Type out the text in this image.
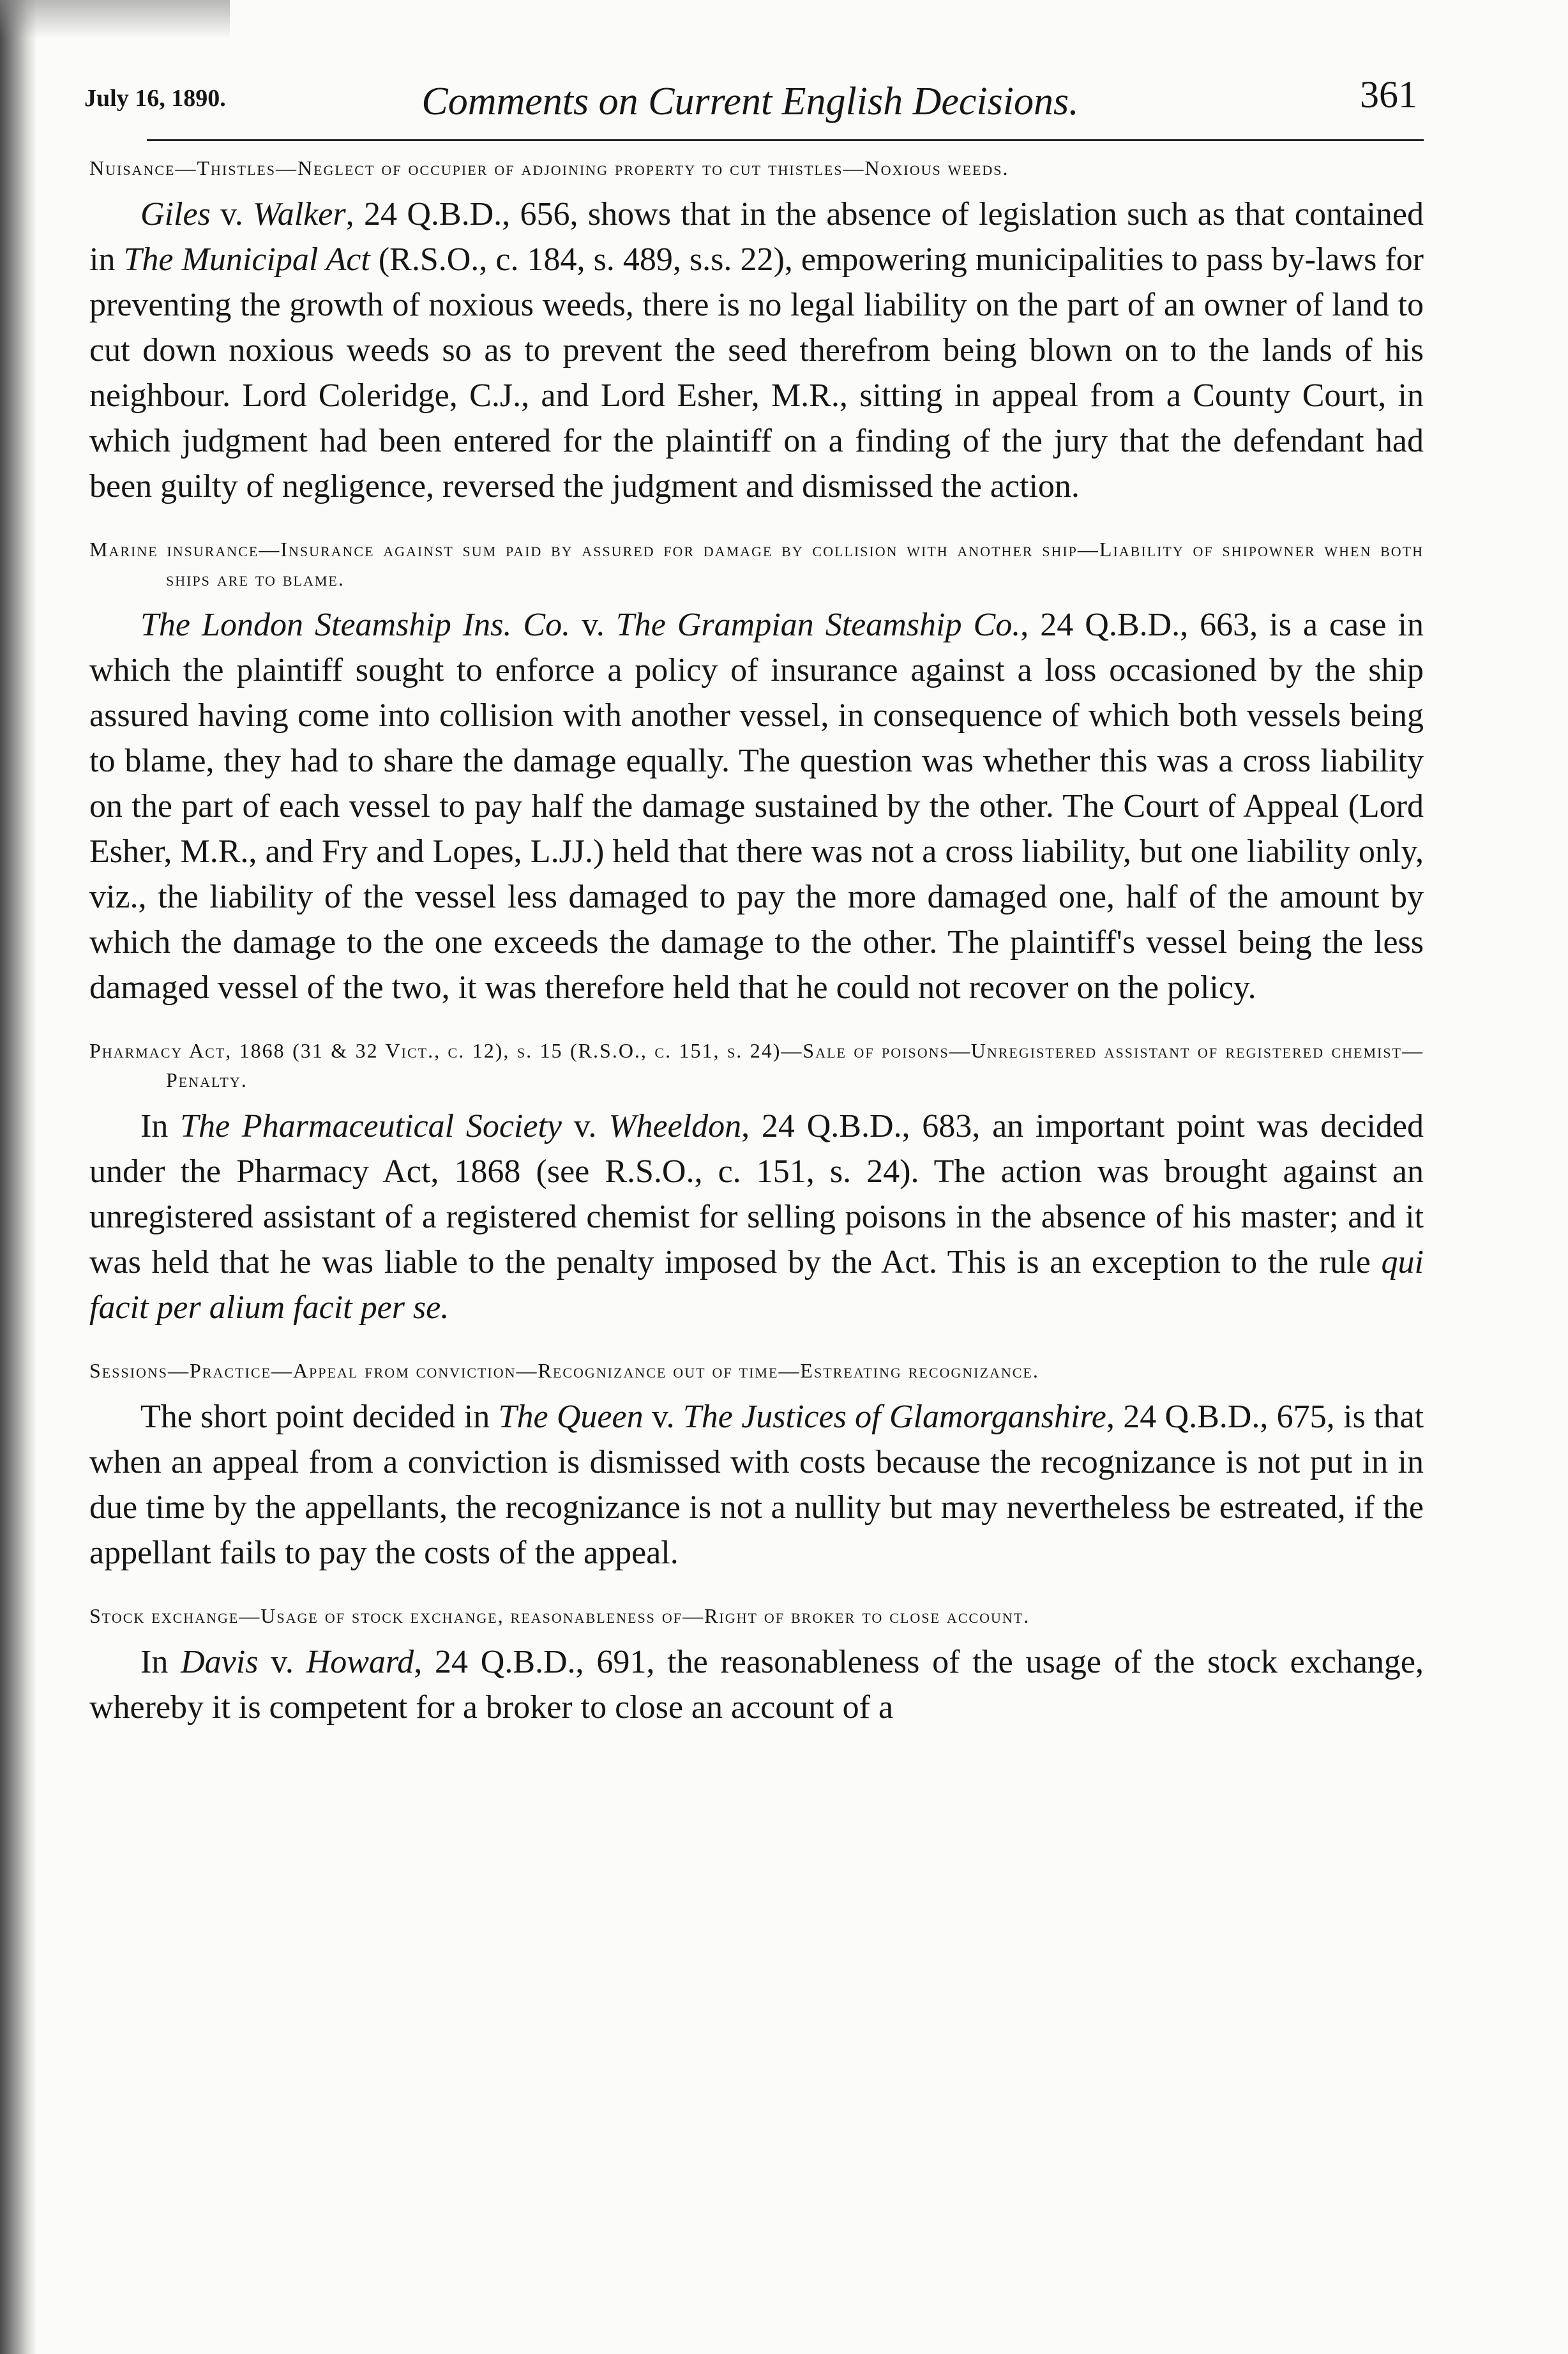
July 16, 1890.	Comments on Current English Decisions.	361

Nuisance—Thistles—Neglect of occupier of adjoining property to cut thistles—Noxious weeds.

Giles v. Walker, 24 Q.B.D., 656, shows that in the absence of legislation such as that contained in The Municipal Act (R.S.O., c. 184, s. 489, s.s. 22), empowering municipalities to pass by-laws for preventing the growth of noxious weeds, there is no legal liability on the part of an owner of land to cut down noxious weeds so as to prevent the seed therefrom being blown on to the lands of his neighbour. Lord Coleridge, C.J., and Lord Esher, M.R., sitting in appeal from a County Court, in which judgment had been entered for the plaintiff on a finding of the jury that the defendant had been guilty of negligence, reversed the judgment and dismissed the action.

Marine insurance—Insurance against sum paid by assured for damage by collision with another ship—Liability of shipowner when both ships are to blame.

The London Steamship Ins. Co. v. The Grampian Steamship Co., 24 Q.B.D., 663, is a case in which the plaintiff sought to enforce a policy of insurance against a loss occasioned by the ship assured having come into collision with another vessel, in consequence of which both vessels being to blame, they had to share the damage equally. The question was whether this was a cross liability on the part of each vessel to pay half the damage sustained by the other. The Court of Appeal (Lord Esher, M.R., and Fry and Lopes, L.JJ.) held that there was not a cross liability, but one liability only, viz., the liability of the vessel less damaged to pay the more damaged one, half of the amount by which the damage to the one exceeds the damage to the other. The plaintiff's vessel being the less damaged vessel of the two, it was therefore held that he could not recover on the policy.

Pharmacy Act, 1868 (31 & 32 Vict., c. 12), s. 15 (R.S.O., c. 151, s. 24)—Sale of poisons—Unregistered assistant of registered chemist—Penalty.

In The Pharmaceutical Society v. Wheeldon, 24 Q.B.D., 683, an important point was decided under the Pharmacy Act, 1868 (see R.S.O., c. 151, s. 24). The action was brought against an unregistered assistant of a registered chemist for selling poisons in the absence of his master; and it was held that he was liable to the penalty imposed by the Act. This is an exception to the rule qui facit per alium facit per se.

Sessions—Practice—Appeal from conviction—Recognizance out of time—Estreating recognizance.

The short point decided in The Queen v. The Justices of Glamorganshire, 24 Q.B.D., 675, is that when an appeal from a conviction is dismissed with costs because the recognizance is not put in in due time by the appellants, the recognizance is not a nullity but may nevertheless be estreated, if the appellant fails to pay the costs of the appeal.

Stock exchange—Usage of stock exchange, reasonableness of—Right of broker to close account.

In Davis v. Howard, 24 Q.B.D., 691, the reasonableness of the usage of the stock exchange, whereby it is competent for a broker to close an account of a
